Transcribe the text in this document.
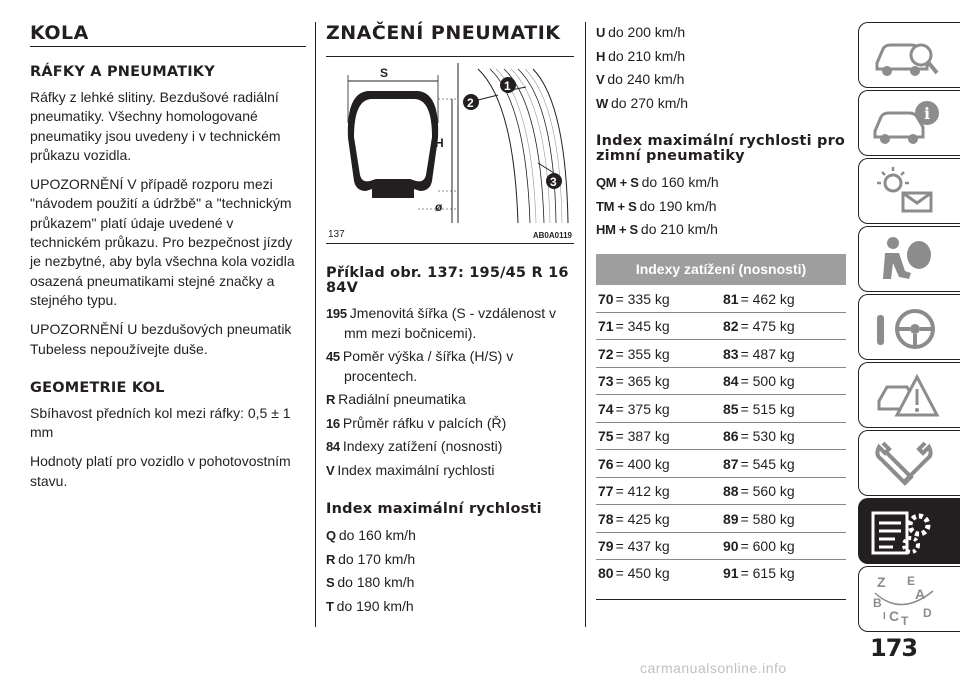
KOLA
RÁFKY A PNEUMATIKY

Ráfky z lehké slitiny. Bezdušové radiální pneumatiky. Všechny homologované pneumatiky jsou uvedeny i v technickém průkazu vozidla.

UPOZORNĚNÍ V případě rozporu mezi "návodem použití a údržbě" a "technickým průkazem" platí údaje uvedené v technickém průkazu. Pro bezpečnost jízdy je nezbytné, aby byla všechna kola vozidla osazená pneumatikami stejné značky a stejného typu.

UPOZORNĚNÍ U bezdušových pneumatik Tubeless nepoužívejte duše.

GEOMETRIE KOL

Sbíhavost předních kol mezi ráfky: 0,5 ± 1 mm

Hodnoty platí pro vozidlo v pohotovostním stavu.

ZNAČENÍ PNEUMATIK
S
H
ø
1
2
3
137	AB0A0119
Příklad obr. 137: 195/45 R 16 84V
195 Jmenovitá šířka (S - vzdálenost v mm mezi bočnicemi).
45 Poměr výška / šířka (H/S) v procentech.
R Radiální pneumatika
16 Průměr ráfku v palcích (Ř)
84 Indexy zatížení (nosnosti)
V Index maximální rychlosti
Index maximální rychlosti
Q do 160 km/h
R do 170 km/h
S do 180 km/h
T do 190 km/h
U do 200 km/h
H do 210 km/h
V do 240 km/h
W do 270 km/h
Index maximální rychlosti pro zimní pneumatiky
QM + S do 160 km/h
TM + S do 190 km/h
HM + S do 210 km/h
Indexy zatížení (nosnosti)
70 = 335 kg	81 = 462 kg
71 = 345 kg	82 = 475 kg
72 = 355 kg	83 = 487 kg
73 = 365 kg	84 = 500 kg
74 = 375 kg	85 = 515 kg
75 = 387 kg	86 = 530 kg
76 = 400 kg	87 = 545 kg
77 = 412 kg	88 = 560 kg
78 = 425 kg	89 = 580 kg
79 = 437 kg	90 = 600 kg
80 = 450 kg	91 = 615 kg
i
Z E
A
B
C D
T
I
173
carmanualsonline.info
